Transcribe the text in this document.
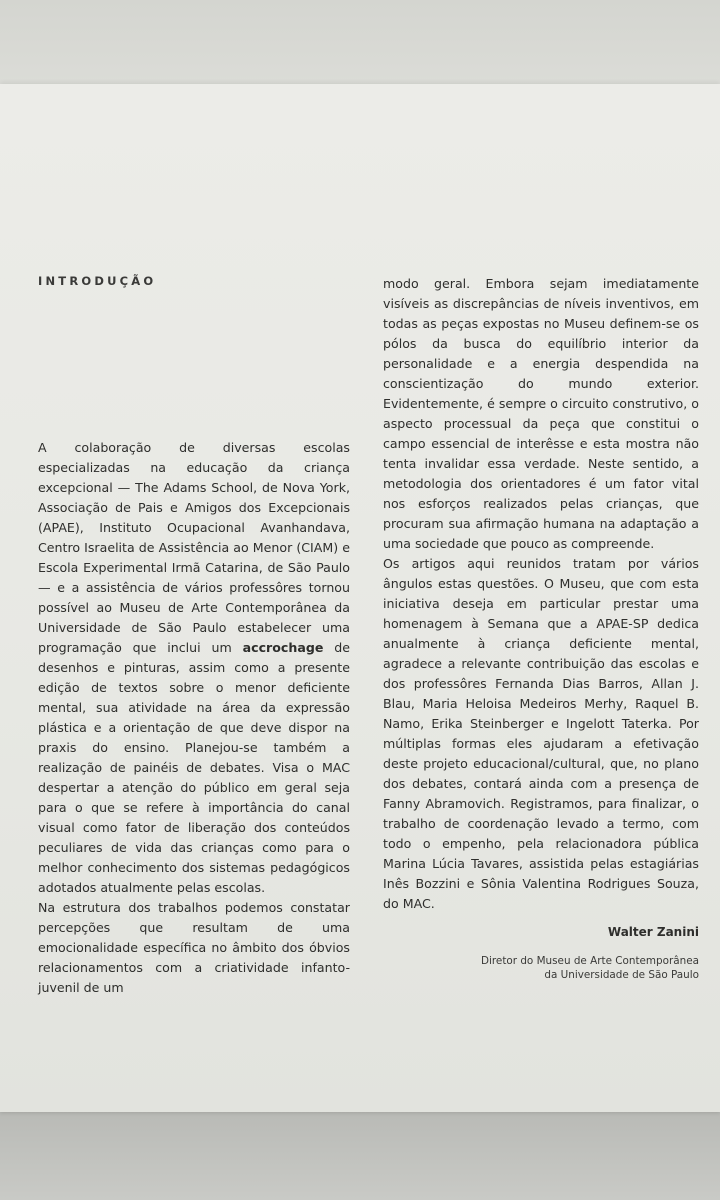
INTRODUÇÃO

A colaboração de diversas escolas especializadas na educação da criança excepcional — The Adams School, de Nova York, Associação de Pais e Amigos dos Excepcionais (APAE), Instituto Ocupacional Avanhandava, Centro Israelita de Assistência ao Menor (CIAM) e Escola Experimental Irmã Catarina, de São Paulo — e a assistência de vários professôres tornou possível ao Museu de Arte Contemporânea da Universidade de São Paulo estabelecer uma programação que inclui um accrochage de desenhos e pinturas, assim como a presente edição de textos sobre o menor deficiente mental, sua atividade na área da expressão plástica e a orientação de que deve dispor na praxis do ensino. Planejou-se também a realização de painéis de debates. Visa o MAC despertar a atenção do público em geral seja para o que se refere à importância do canal visual como fator de liberação dos conteúdos peculiares de vida das crianças como para o melhor conhecimento dos sistemas pedagógicos adotados atualmente pelas escolas.

Na estrutura dos trabalhos podemos constatar percepções que resultam de uma emocionalidade específica no âmbito dos óbvios relacionamentos com a criatividade infanto-juvenil de um

modo geral. Embora sejam imediatamente visíveis as discrepâncias de níveis inventivos, em todas as peças expostas no Museu definem-se os pólos da busca do equilíbrio interior da personalidade e a energia despendida na conscientização do mundo exterior. Evidentemente, é sempre o circuito construtivo, o aspecto processual da peça que constitui o campo essencial de interêsse e esta mostra não tenta invalidar essa verdade. Neste sentido, a metodologia dos orientadores é um fator vital nos esforços realizados pelas crianças, que procuram sua afirmação humana na adaptação a uma sociedade que pouco as compreende.

Os artigos aqui reunidos tratam por vários ângulos estas questões. O Museu, que com esta iniciativa deseja em particular prestar uma homenagem à Semana que a APAE-SP dedica anualmente à criança deficiente mental, agradece a relevante contribuição das escolas e dos professôres Fernanda Dias Barros, Allan J. Blau, Maria Heloisa Medeiros Merhy, Raquel B. Namo, Erika Steinberger e Ingelott Taterka. Por múltiplas formas eles ajudaram a efetivação deste projeto educacional/cultural, que, no plano dos debates, contará ainda com a presença de Fanny Abramovich. Registramos, para finalizar, o trabalho de coordenação levado a termo, com todo o empenho, pela relacionadora pública Marina Lúcia Tavares, assistida pelas estagiárias Inês Bozzini e Sônia Valentina Rodrigues Souza, do MAC.

Walter Zanini
Diretor do Museu de Arte Contemporânea
da Universidade de São Paulo
